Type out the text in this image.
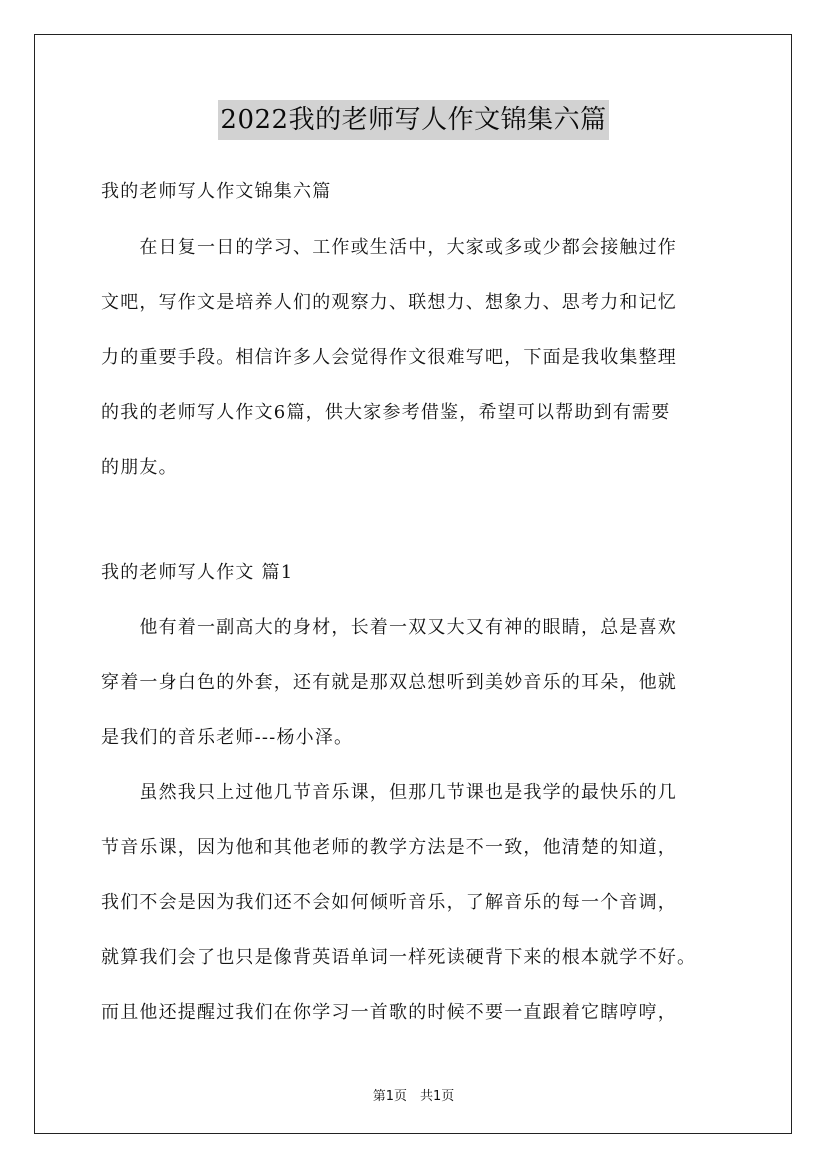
2022我的老师写人作文锦集六篇
我的老师写人作文锦集六篇
　　在日复一日的学习、工作或生活中，大家或多或少都会接触过作
文吧，写作文是培养人们的观察力、联想力、想象力、思考力和记忆
力的重要手段。相信许多人会觉得作文很难写吧，下面是我收集整理
的我的老师写人作文6篇，供大家参考借鉴，希望可以帮助到有需要
的朋友。
我的老师写人作文 篇1
　　他有着一副高大的身材，长着一双又大又有神的眼睛，总是喜欢
穿着一身白色的外套，还有就是那双总想听到美妙音乐的耳朵，他就
是我们的音乐老师---杨小泽。
　　虽然我只上过他几节音乐课，但那几节课也是我学的最快乐的几
节音乐课，因为他和其他老师的教学方法是不一致，他清楚的知道，
我们不会是因为我们还不会如何倾听音乐，了解音乐的每一个音调，
就算我们会了也只是像背英语单词一样死读硬背下来的根本就学不好。
而且他还提醒过我们在你学习一首歌的时候不要一直跟着它瞎哼哼，
第1页　共1页
